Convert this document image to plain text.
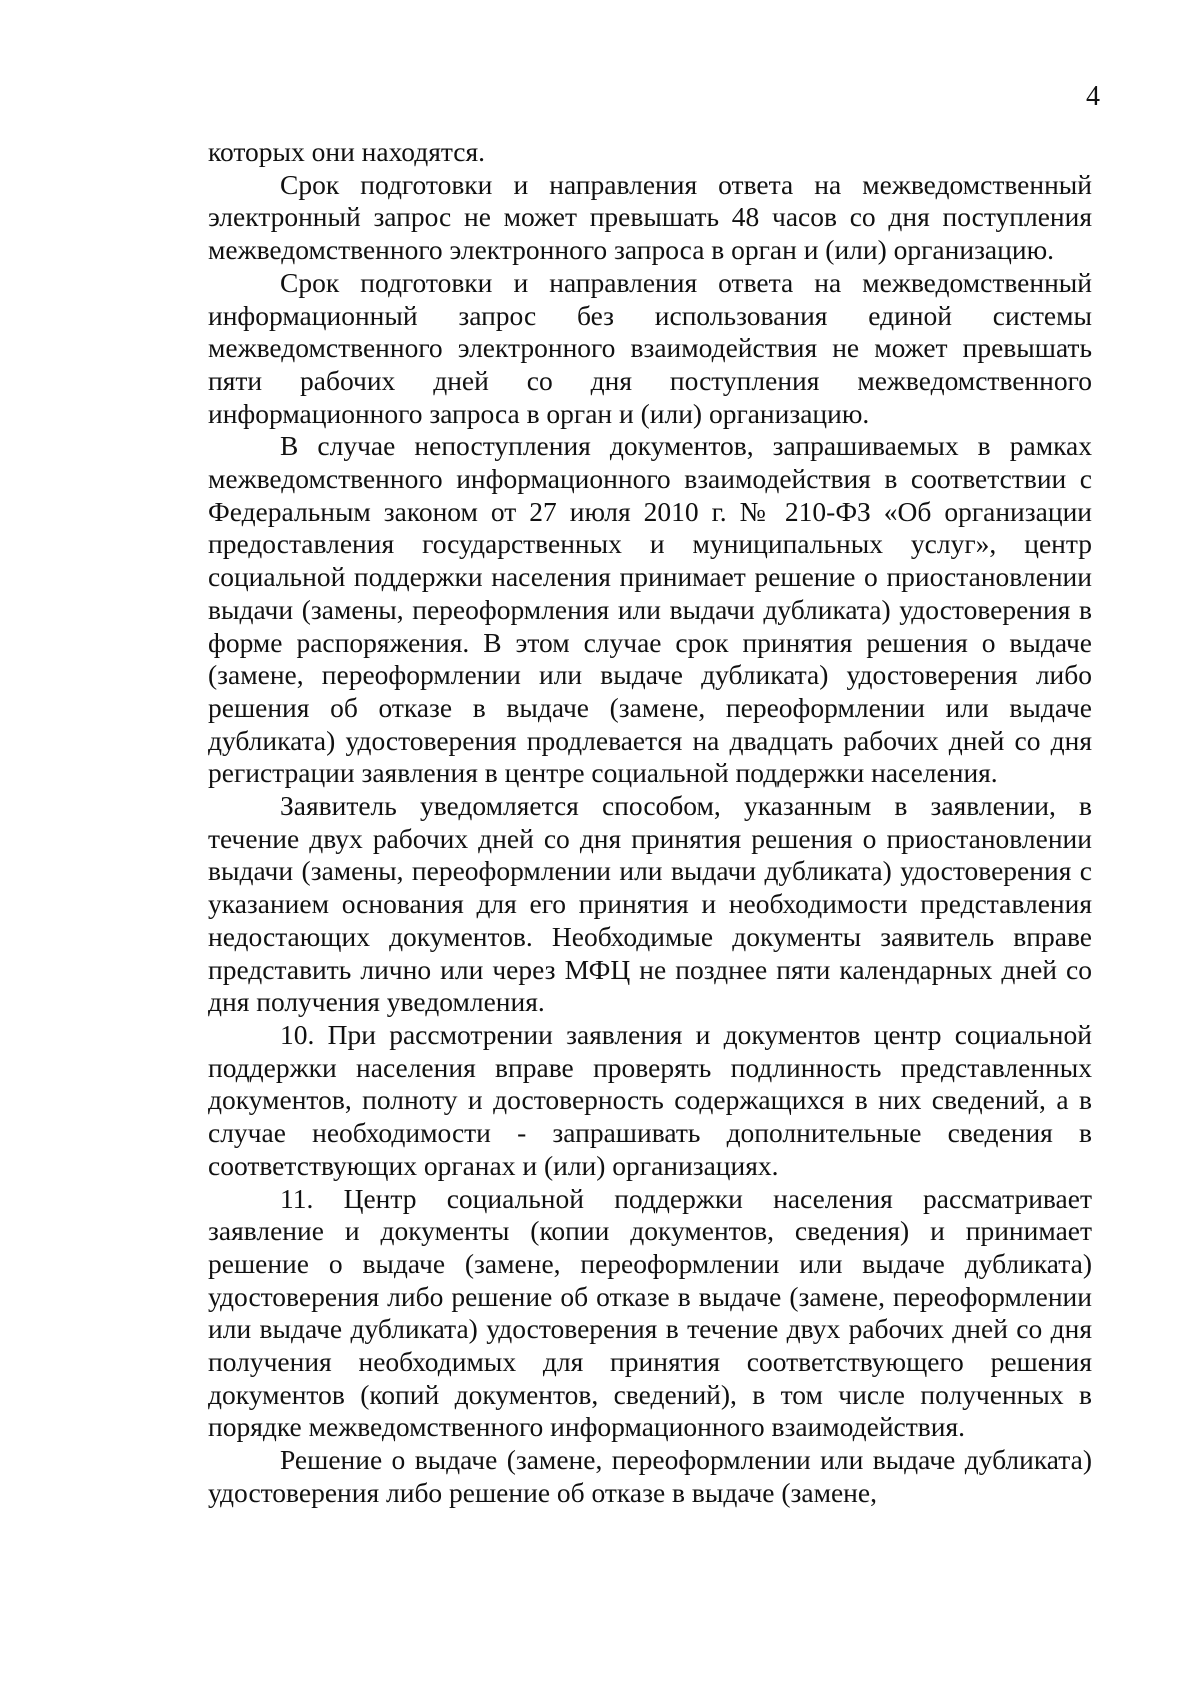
4

которых они находятся.

Срок подготовки и направления ответа на межведомственный электронный запрос не может превышать 48 часов со дня поступления межведомственного электронного запроса в орган и (или) организацию.

Срок подготовки и направления ответа на межведомственный информационный запрос без использования единой системы межведомственного электронного взаимодействия не может превышать пяти рабочих дней со дня поступления межведомственного информационного запроса в орган и (или) организацию.

В случае непоступления документов, запрашиваемых в рамках межведомственного информационного взаимодействия в соответствии с Федеральным законом от 27 июля 2010 г. № 210-ФЗ «Об организации предоставления государственных и муниципальных услуг», центр социальной поддержки населения принимает решение о приостановлении выдачи (замены, переоформления или выдачи дубликата) удостоверения в форме распоряжения. В этом случае срок принятия решения о выдаче (замене, переоформлении или выдаче дубликата) удостоверения либо решения об отказе в выдаче (замене, переоформлении или выдаче дубликата) удостоверения продлевается на двадцать рабочих дней со дня регистрации заявления в центре социальной поддержки населения.

Заявитель уведомляется способом, указанным в заявлении, в течение двух рабочих дней со дня принятия решения о приостановлении выдачи (замены, переоформлении или выдачи дубликата) удостоверения с указанием основания для его принятия и необходимости представления недостающих документов. Необходимые документы заявитель вправе представить лично или через МФЦ не позднее пяти календарных дней со дня получения уведомления.

10. При рассмотрении заявления и документов центр социальной поддержки населения вправе проверять подлинность представленных документов, полноту и достоверность содержащихся в них сведений, а в случае необходимости - запрашивать дополнительные сведения в соответствующих органах и (или) организациях.

11. Центр социальной поддержки населения рассматривает заявление и документы (копии документов, сведения) и принимает решение о выдаче (замене, переоформлении или выдаче дубликата) удостоверения либо решение об отказе в выдаче (замене, переоформлении или выдаче дубликата) удостоверения в течение двух рабочих дней со дня получения необходимых для принятия соответствующего решения документов (копий документов, сведений), в том числе полученных в порядке межведомственного информационного взаимодействия.

Решение о выдаче (замене, переоформлении или выдаче дубликата) удостоверения либо решение об отказе в выдаче (замене,
